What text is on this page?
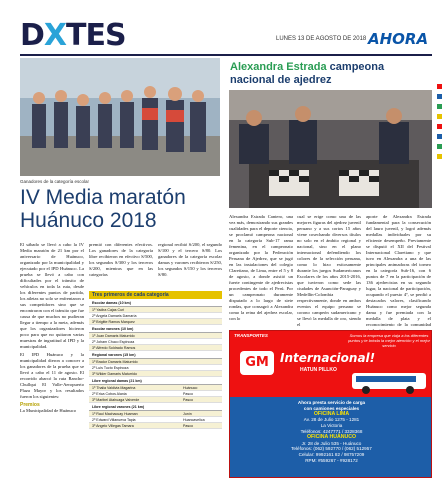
DXTES	LUNES 13 DE AGOSTO DE 2018 AHORA
Ganadores de la categoría escolar
IV Media maratón Huánuco 2018

El sábado se llevó a cabo la IV Media maratón de 21 km por el aniversario de Huánuco, organizado por la municipalidad y ejecutado por el IPD Huánuco. La prueba se llevó a cabo con dificultades por el tránsito de vehículos en toda la ruta, desde los diferentes puntos de partida, los atletas no solo se enfrentaron a sus competidores sino que se encontraron con el tránsito que fue causa de que muchos no pudieran llegar a tiempo a la meta, además que los organizadores hicieron poco para que no quitaron varias muestras de ingratitud al IPD y la municipalidad.

El IPD Huánuco y la municipalidad dieron a conocer a los ganadores de la prueba que se llevó a cabo el 11 de agosto. El recorrido abarcó la ruta Rancho-Chullqui El Valle-Aeropuerto Plaza Mayor y los resultados fueron los siguientes:

Premios

La Municipalidad de Huánuco

premió con diferentes efectivos. Los ganadores de la categoría libre recibieron en efectivo S/500, los segundos S/300 y los terceros S/200, mientras que en las categorías

regional recibió S/200, el segundo S/100 y el tercero S/80. Los ganadores de la categoría escolar damas y varones recibieron S/250, los segundos S/150 y los terceros S/80.

Tres primeros de cada categoría
Escolar damas (10 km)
1º Yadira Cajas Curi
2º Angela Damaris Damaría
3º Brigitte Ramos Marquez
Escolar varones (10 km)
1º Juan Damaris Maturrido
2º Joham Chuco Espinoza
3º Alfredo Soldrado Ramos
Regional varones (15 km)
1º Brador Damaris Maturrido
2º Luis Tucto Espinoza
3º Wilder Damaris Maturrido
Libre regional damas (21 km)
1º Thalia Valdivia Magarina	Huánuco
2º Erica Cobos Alania	Pasco
3º Maribel Atahuaga Valverde	Pasco
Libre regional varones (21 km)
1º Raul Machacuay Huaman	Junín
2º Edward Villanueva Tapia	Huancavelica
3º Angelo Villegas Tamara	Pasco
Alexandra Estrada campeona nacional de ajedrez

Alexandra Estrada Cantero, una vez más, demostrando sus grandes cualidades para el deporte ciencia, se proclamó campeona nacional en la categoría Sub-17 rama femenina, en el campeonato organizado por la Federación Peruana de Ajedrez, que se jugó en las instalaciones del colegio Claretiano, de Lima, entre el 5 y 8 de agosto, a donde asistió un fuerte contingente de ajedrecistas procedentes de todo el Perú. Por un campeonato duramente disputado a lo largo de siete rondas, que consagró a Alexandra como la reina del ajedrez escolar, con lo

cual se erige como una de las mejores figuras del ajedrez juvenil peruano y a sus cortos 15 años viene cosechando diversos títulos no solo en el ámbito regional y nacional, sino en el plano internacional defendiendo los colores de la selección peruana, como lo hizo exitosamente durante los juegos Sudamericanos Escolares de los años 2015-2016, que tuvieron como sede las ciudades de Asunción-Paraguay y Medellín-Colombia respectivamente, donde en ambos eventos el equipo peruano se corono campeón sudamericano y se llevó la medalla de oro, siendo el

aporte de Alexandra Estrada fundamental para la consecución del lauro juvenil, y logró además medallas individuales por su eficiente desempeño. Previamente se disputó el XII del Festival Internacional Claretiano y que tuvo en Alexandra a una de las principales animadoras del torneo en la categoría Sub-16, con 6 puntos de 7 en la participación de 136 ajedrecistas en su segundo lugar, la nacional de participación, ocupando el puesto 4º, se perdió a destacados valores, clasificando Huánuco como mejor segunda dama y fue premiada con la medalla de plata y el reconocimiento de la comunidad

TRANSPORTES	Somos la empresa que viaja a los diferentes puntos y te brinda la mejor atención y el mejor servicio
GM Internacional!
HATUN PILLKO
Ahora presta servicio de carga
con camiones especiales
OFICINA LIMA
Av. 28 de Julio 1275 - 1281
La Victoria
Teléfonos: 4247771 / 3328368
OFICINA HUÁNUCO
Jr. 28 de Julio 535 - Huánuco
Teléfonos: (062) 592770 / (062) 512957
Celular: 9992161 82 / 98757209
RPM: #559267 - #928172
